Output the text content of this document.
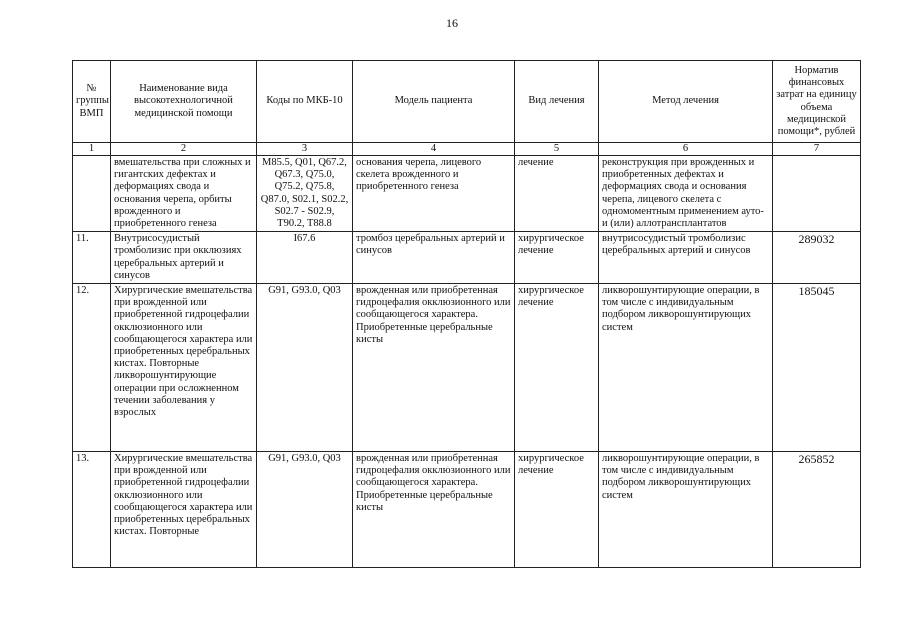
16
№ группы ВМП	Наименование вида высокотехнологичной медицинской помощи	Коды по МКБ-10	Модель пациента	Вид лечения	Метод лечения	Норматив финансовых затрат на единицу объема медицинской помощи*, рублей
1	2	3	4	5	6	7
	вмешательства при сложных и гигантских дефектах и деформациях свода и основания черепа, орбиты врожденного и приобретенного генеза	M85.5, Q01, Q67.2, Q67.3, Q75.0, Q75.2, Q75.8, Q87.0, S02.1, S02.2, S02.7 - S02.9, T90.2, T88.8	основания черепа, лицевого скелета врожденного и приобретенного генеза	лечение	реконструкция при врожденных и приобретенных дефектах и деформациях свода и основания черепа, лицевого скелета с одномоментным применением ауто- и (или) аллотрансплантатов	
11.	Внутрисосудистый тромболизис при окклюзиях церебральных артерий и синусов	I67.6	тромбоз церебральных артерий и синусов	хирургическое лечение	внутрисосудистый тромболизис церебральных артерий и синусов	289032
12.	Хирургические вмешательства при врожденной или приобретенной гидроцефалии окклюзионного или сообщающегося характера или приобретенных церебральных кистах. Повторные ликворошунтирующие операции при осложненном течении заболевания у взрослых	G91, G93.0, Q03	врожденная или приобретенная гидроцефалия окклюзионного или сообщающегося характера. Приобретенные церебральные кисты	хирургическое лечение	ликворошунтирующие операции, в том числе с индивидуальным подбором ликворошунтирующих систем	185045
13.	Хирургические вмешательства при врожденной или приобретенной гидроцефалии окклюзионного или сообщающегося характера или приобретенных церебральных кистах. Повторные	G91, G93.0, Q03	врожденная или приобретенная гидроцефалия окклюзионного или сообщающегося характера. Приобретенные церебральные кисты	хирургическое лечение	ликворошунтирующие операции, в том числе с индивидуальным подбором ликворошунтирующих систем	265852
